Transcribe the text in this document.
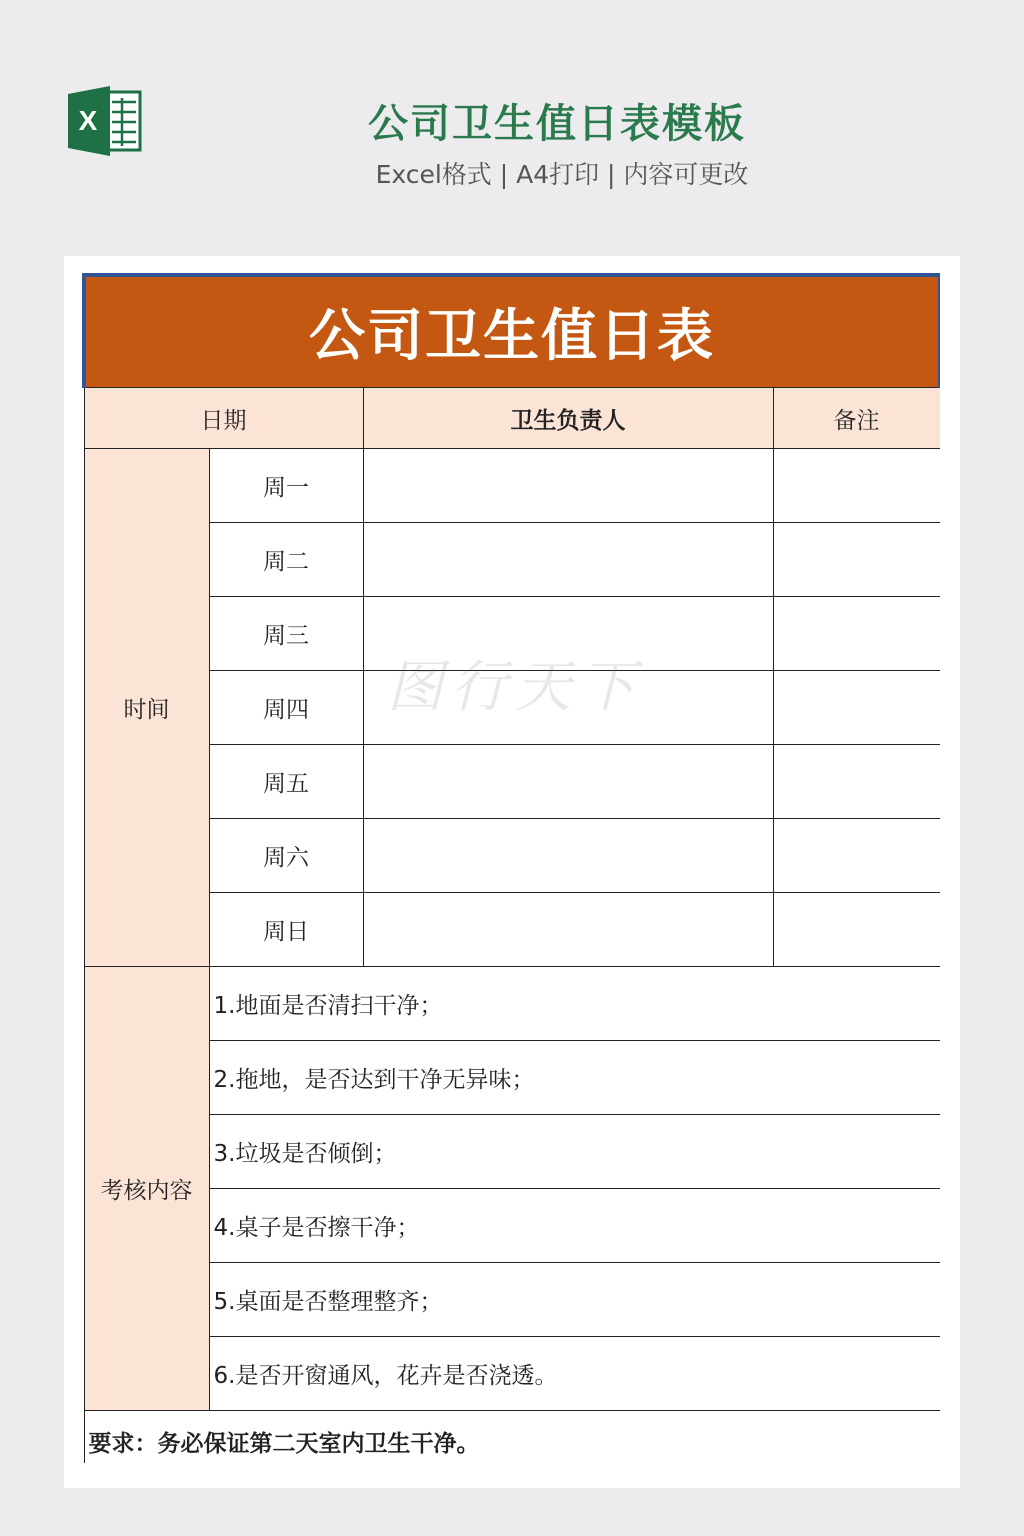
X	公司卫生值日表模板
Excel格式 | A4打印 | 内容可更改
公司卫生值日表			
日期		卫生负责人	备注
时间	周一		
	周二		
	周三		
	周四		
	周五		
	周六		
	周日		
考核内容	1.地面是否清扫干净；		
	2.拖地，是否达到干净无异味；		
	3.垃圾是否倾倒；		
	4.桌子是否擦干净；		
	5.桌面是否整理整齐；		
	6.是否开窗通风，花卉是否浇透。		
要求：务必保证第二天室内卫生干净。			
图行天下
